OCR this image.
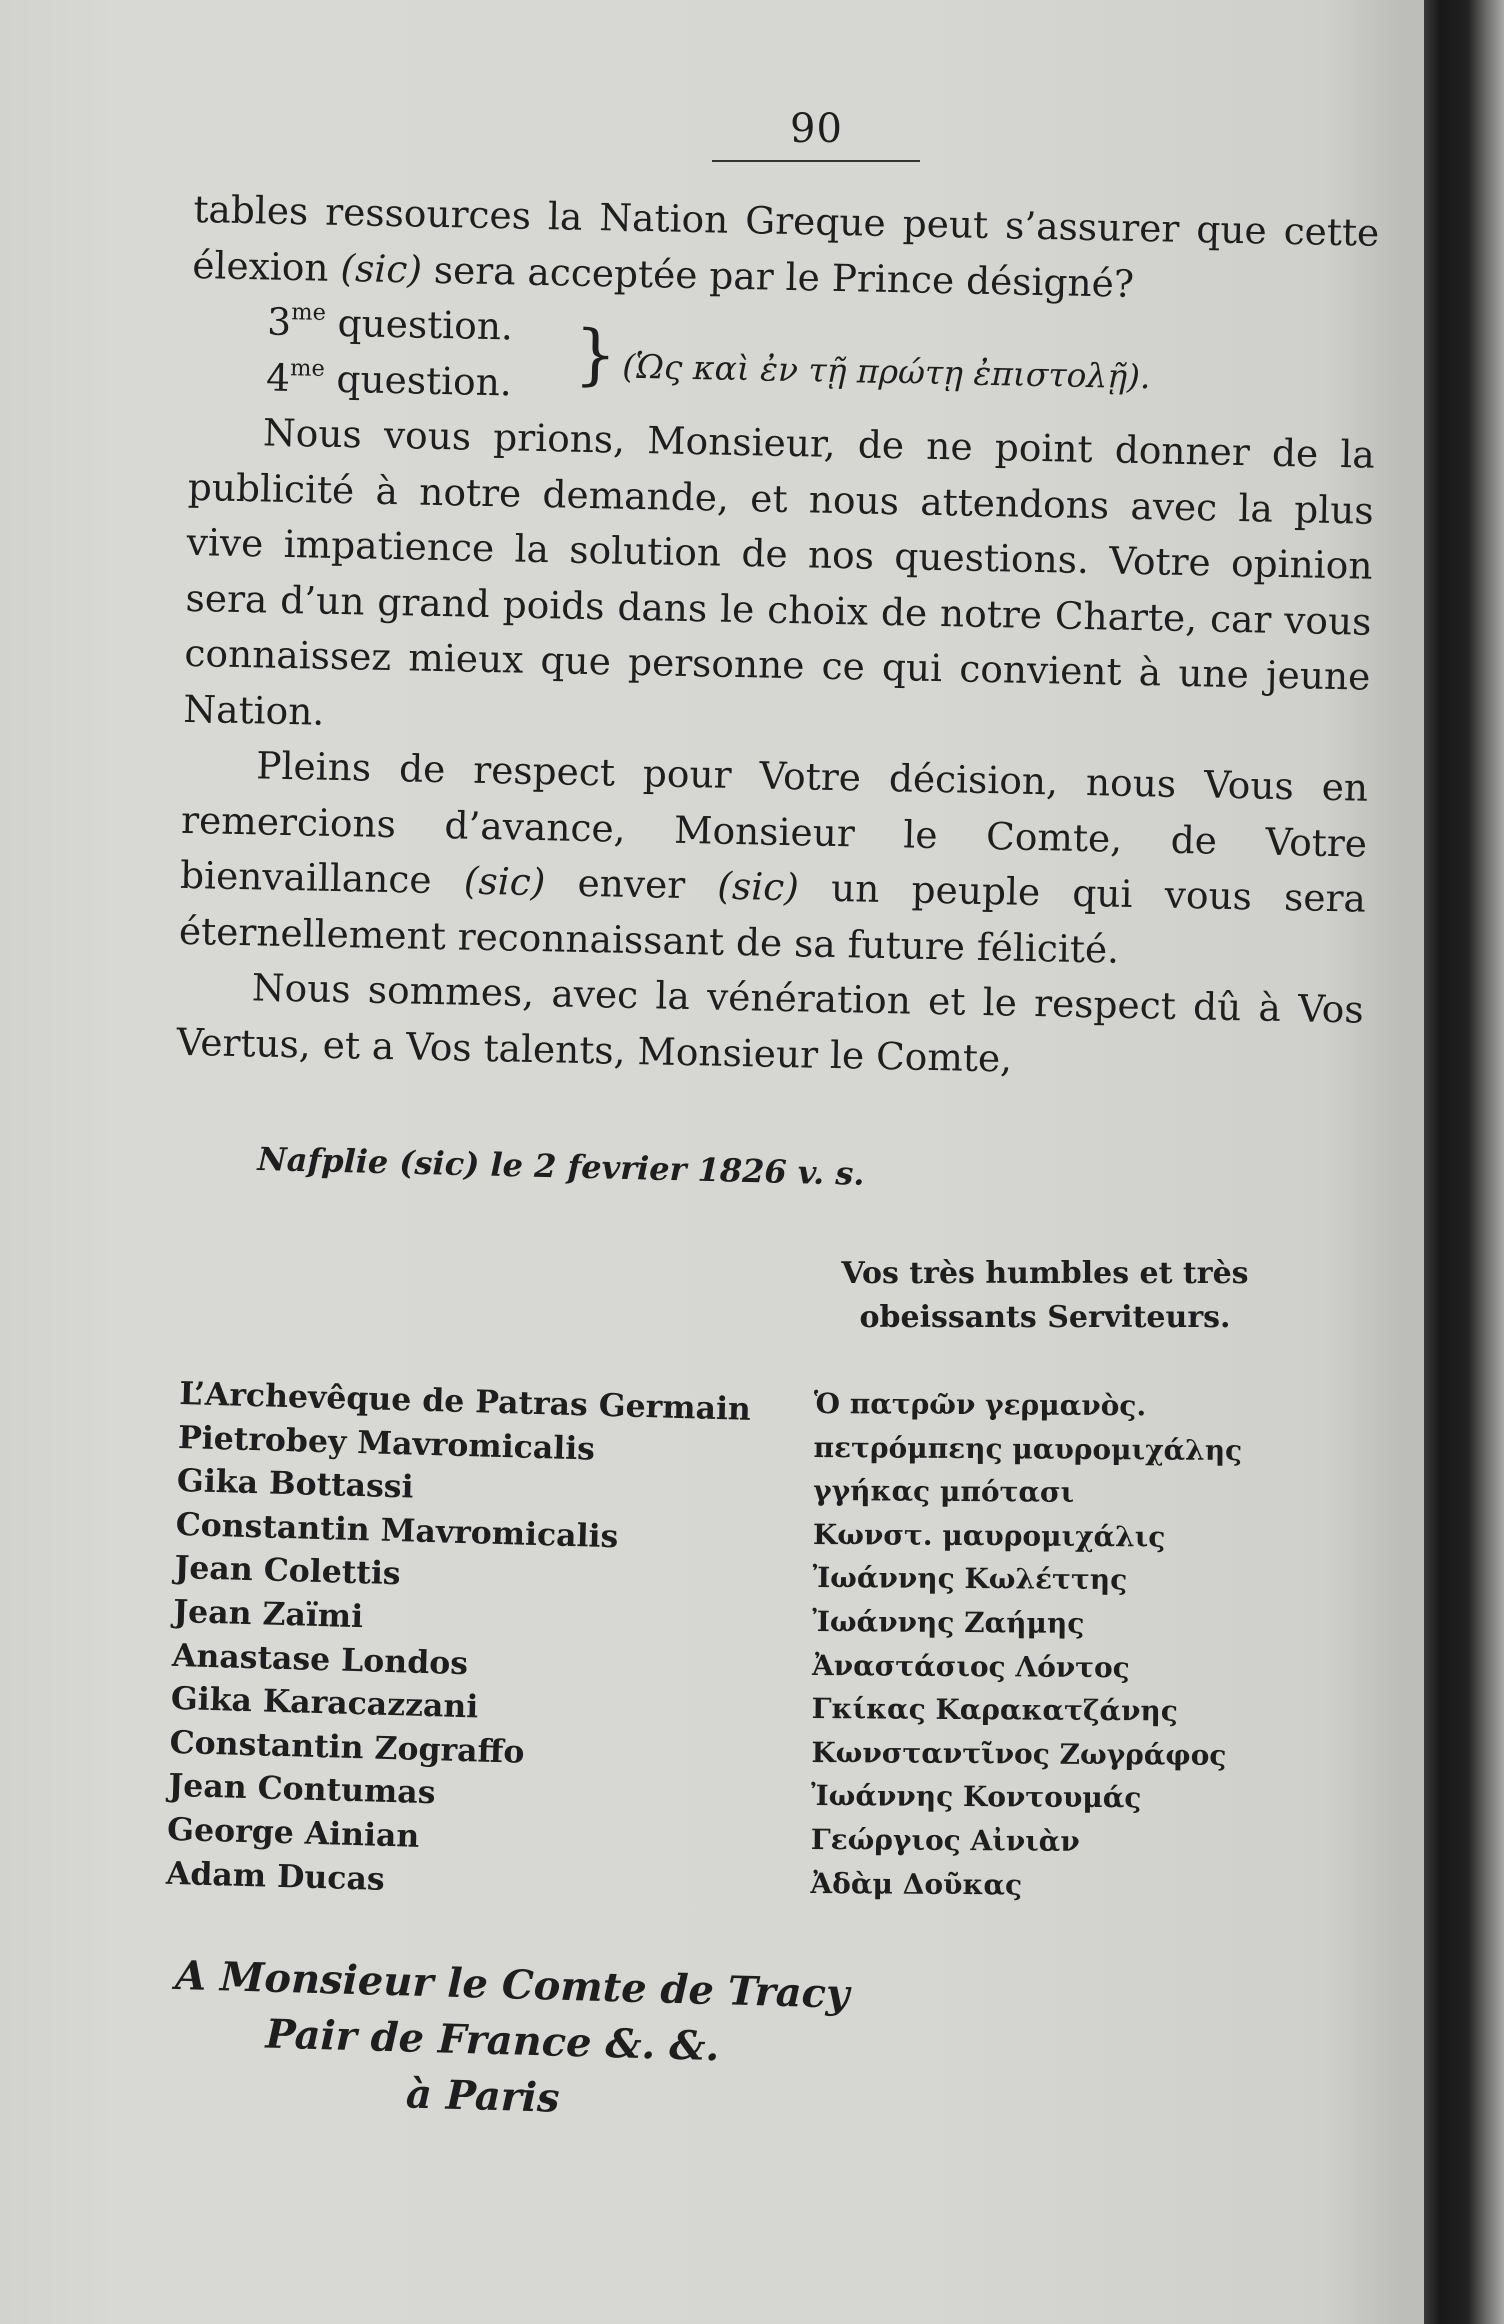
90

tables ressources la Nation Greque peut s’assurer que cette élexion (sic) sera acceptée par le Prince désigné?

$3^{me}$ question.
$4^{me}$ question. } (Ὡς καὶ ἐν τῇ πρώτῃ ἐπιστολῇ).

Nous vous prions, Monsieur, de ne point donner de la publicité à notre demande, et nous attendons avec la plus vive impatience la solution de nos questions. Votre opinion sera d’un grand poids dans le choix de notre Charte, car vous connaissez mieux que personne ce qui convient à une jeune Nation.

Pleins de respect pour Votre décision, nous Vous en remercions d’avance, Monsieur le Comte, de Votre bienvaillance (sic) enver (sic) un peuple qui vous sera éternellement reconnaissant de sa future félicité.

Nous sommes, avec la vénération et le respect dû à Vos Vertus, et a Vos talents, Monsieur le Comte,

Nafplie (sic) le 2 fevrier 1826 v. s.
Vos très humbles et très
obeissants Serviteurs.
L’Archevêque de Patras Germain
Pietrobey Mavromicalis
Gika Bottassi
Constantin Mavromicalis
Jean Colettis
Jean Zaïmi
Anastase Londos
Gika Karacazzani
Constantin Zograffo
Jean Contumas
George Ainian
Adam Ducas
Ὁ πατρῶν γερμανὸς.
πετρόμπεης μαυρομιχάλης
γγήκας μπότασι
Κωνστ. μαυρομιχάλις
Ἰωάννης Κωλέττης
Ἰωάννης Ζαήμης
Ἀναστάσιος Λόντος
Γκίκας Καρακατζάνης
Κωνσταντῖνος Ζωγράφος
Ἰωάννης Κοντουμάς
Γεώργιος Αἰνιὰν
Ἀδὰμ Δοῦκας
A Monsieur le Comte de Tracy
Pair de France &. &.
à Paris
